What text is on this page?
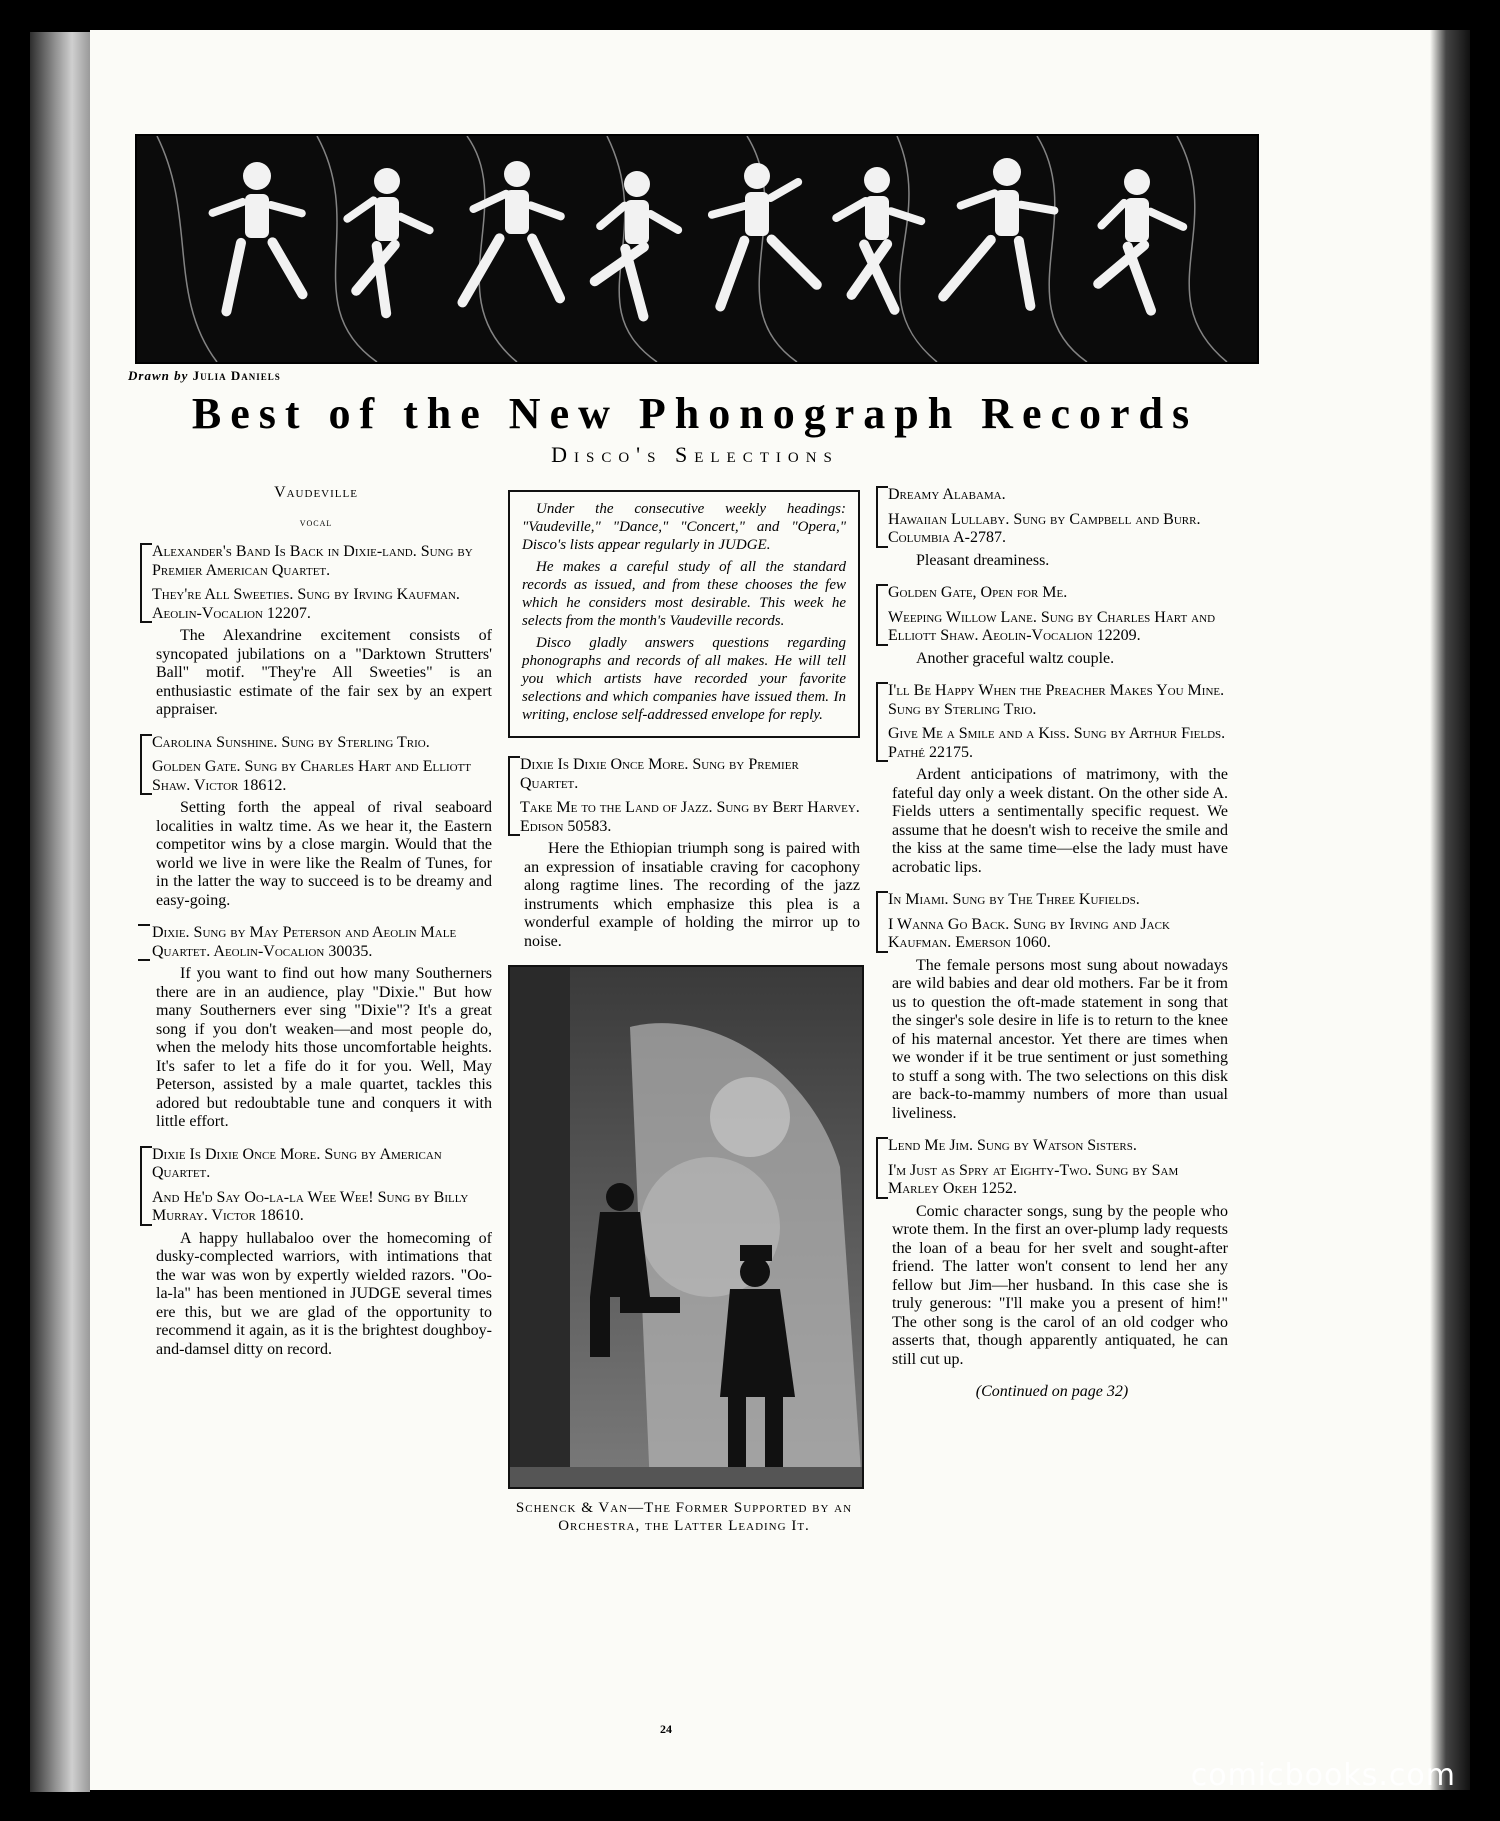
Drawn by Julia Daniels
Best of the New Phonograph Records
Disco's Selections
Vaudeville
vocal
Alexander's Band Is Back in Dixie-land. Sung by Premier American Quartet.
They're All Sweeties. Sung by Irving Kaufman. Aeolin-Vocalion 12207.

The Alexandrine excitement consists of syncopated jubilations on a "Darktown Strutters' Ball" motif. "They're All Sweeties" is an enthusiastic estimate of the fair sex by an expert appraiser.

Carolina Sunshine. Sung by Sterling Trio.
Golden Gate. Sung by Charles Hart and Elliott Shaw. Victor 18612.

Setting forth the appeal of rival seaboard localities in waltz time. As we hear it, the Eastern competitor wins by a close margin. Would that the world we live in were like the Realm of Tunes, for in the latter the way to succeed is to be dreamy and easy-going.

Dixie. Sung by May Peterson and Aeolin Male Quartet. Aeolin-Vocalion 30035.

If you want to find out how many Southerners there are in an audience, play "Dixie." But how many Southerners ever sing "Dixie"? It's a great song if you don't weaken—and most people do, when the melody hits those uncomfortable heights. It's safer to let a fife do it for you. Well, May Peterson, assisted by a male quartet, tackles this adored but redoubtable tune and conquers it with little effort.

Dixie Is Dixie Once More. Sung by American Quartet.
And He'd Say Oo-la-la Wee Wee! Sung by Billy Murray. Victor 18610.

A happy hullabaloo over the homecoming of dusky-complected warriors, with intimations that the war was won by expertly wielded razors. "Oo-la-la" has been mentioned in JUDGE several times ere this, but we are glad of the opportunity to recommend it again, as it is the brightest doughboy-and-damsel ditty on record.

Under the consecutive weekly headings: "Vaudeville," "Dance," "Concert," and "Opera," Disco's lists appear regularly in JUDGE.

He makes a careful study of all the standard records as issued, and from these chooses the few which he considers most desirable. This week he selects from the month's Vaudeville records.

Disco gladly answers questions regarding phonographs and records of all makes. He will tell you which artists have recorded your favorite selections and which companies have issued them. In writing, enclose self-addressed envelope for reply.

Dixie Is Dixie Once More. Sung by Premier Quartet.
Take Me to the Land of Jazz. Sung by Bert Harvey. Edison 50583.

Here the Ethiopian triumph song is paired with an expression of insatiable craving for cacophony along ragtime lines. The recording of the jazz instruments which emphasize this plea is a wonderful example of holding the mirror up to noise.

Schenck & Van—The Former Supported by an Orchestra, the Latter Leading It.
Dreamy Alabama.
Hawaiian Lullaby. Sung by Campbell and Burr. Columbia A-2787.

Pleasant dreaminess.

Golden Gate, Open for Me.
Weeping Willow Lane. Sung by Charles Hart and Elliott Shaw. Aeolin-Vocalion 12209.

Another graceful waltz couple.

I'll Be Happy When the Preacher Makes You Mine. Sung by Sterling Trio.
Give Me a Smile and a Kiss. Sung by Arthur Fields. Pathé 22175.

Ardent anticipations of matrimony, with the fateful day only a week distant. On the other side A. Fields utters a sentimentally specific request. We assume that he doesn't wish to receive the smile and the kiss at the same time—else the lady must have acrobatic lips.

In Miami. Sung by The Three Kufields.
I Wanna Go Back. Sung by Irving and Jack Kaufman. Emerson 1060.

The female persons most sung about nowadays are wild babies and dear old mothers. Far be it from us to question the oft-made statement in song that the singer's sole desire in life is to return to the knee of his maternal ancestor. Yet there are times when we wonder if it be true sentiment or just something to stuff a song with. The two selections on this disk are back-to-mammy numbers of more than usual liveliness.

Lend Me Jim. Sung by Watson Sisters.
I'm Just as Spry at Eighty-Two. Sung by Sam Marley Okeh 1252.

Comic character songs, sung by the people who wrote them. In the first an over-plump lady requests the loan of a beau for her svelt and sought-after friend. The latter won't consent to lend her any fellow but Jim—her husband. In this case she is truly generous: "I'll make you a present of him!" The other song is the carol of an old codger who asserts that, though apparently antiquated, he can still cut up.

(Continued on page 32)
24
comicbooks.com
